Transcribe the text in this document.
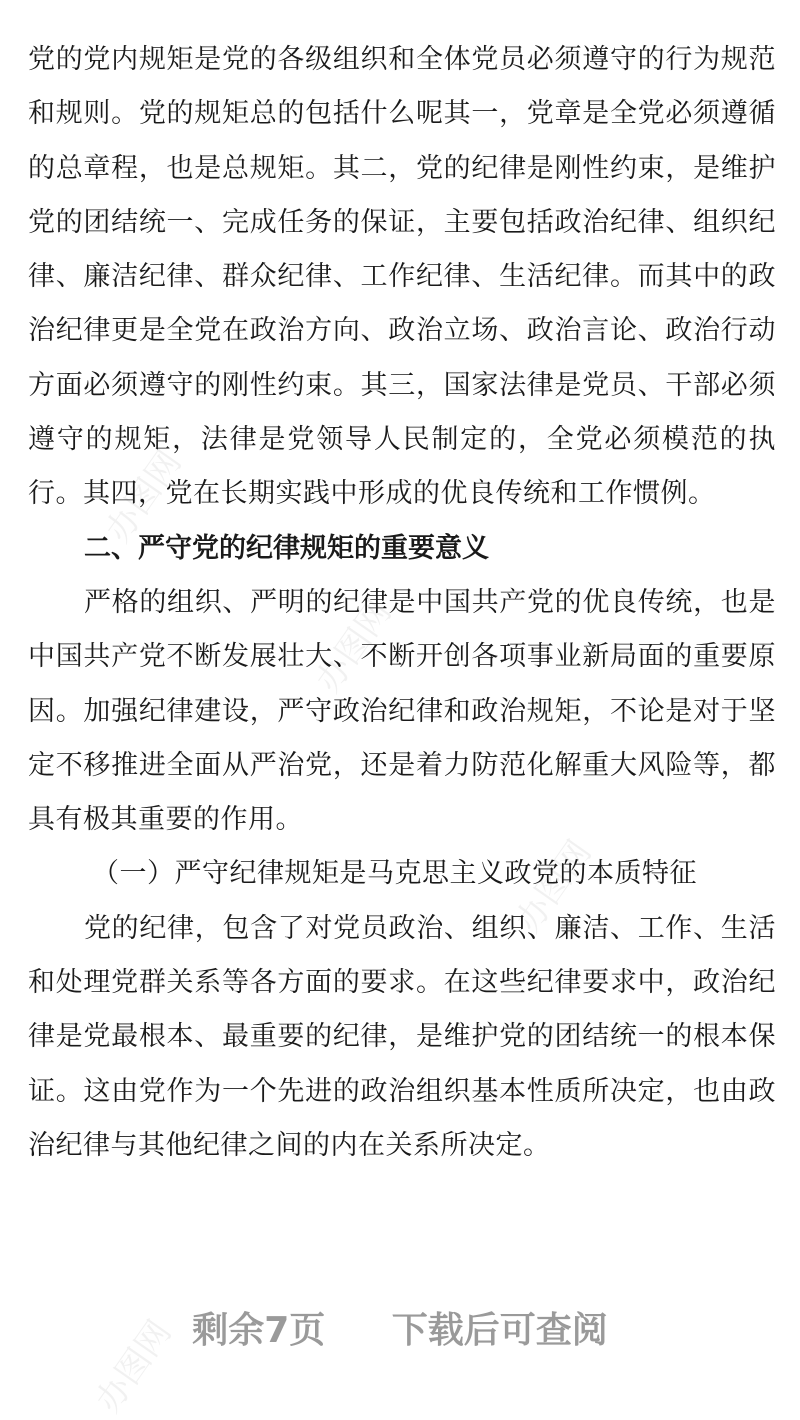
办图网
办图网
办图网
办图网

党的党内规矩是党的各级组织和全体党员必须遵守的行为规范和规则。党的规矩总的包括什么呢其一，党章是全党必须遵循的总章程，也是总规矩。其二，党的纪律是刚性约束，是维护党的团结统一、完成任务的保证，主要包括政治纪律、组织纪律、廉洁纪律、群众纪律、工作纪律、生活纪律。而其中的政治纪律更是全党在政治方向、政治立场、政治言论、政治行动方面必须遵守的刚性约束。其三，国家法律是党员、干部必须遵守的规矩，法律是党领导人民制定的，全党必须模范的执行。其四，党在长期实践中形成的优良传统和工作惯例。

二、严守党的纪律规矩的重要意义

严格的组织、严明的纪律是中国共产党的优良传统，也是中国共产党不断发展壮大、不断开创各项事业新局面的重要原因。加强纪律建设，严守政治纪律和政治规矩，不论是对于坚定不移推进全面从严治党，还是着力防范化解重大风险等，都具有极其重要的作用。

（一）严守纪律规矩是马克思主义政党的本质特征

党的纪律，包含了对党员政治、组织、廉洁、工作、生活和处理党群关系等各方面的要求。在这些纪律要求中，政治纪律是党最根本、最重要的纪律，是维护党的团结统一的根本保证。这由党作为一个先进的政治组织基本性质所决定，也由政治纪律与其他纪律之间的内在关系所决定。

剩余7页 下载后可查阅
